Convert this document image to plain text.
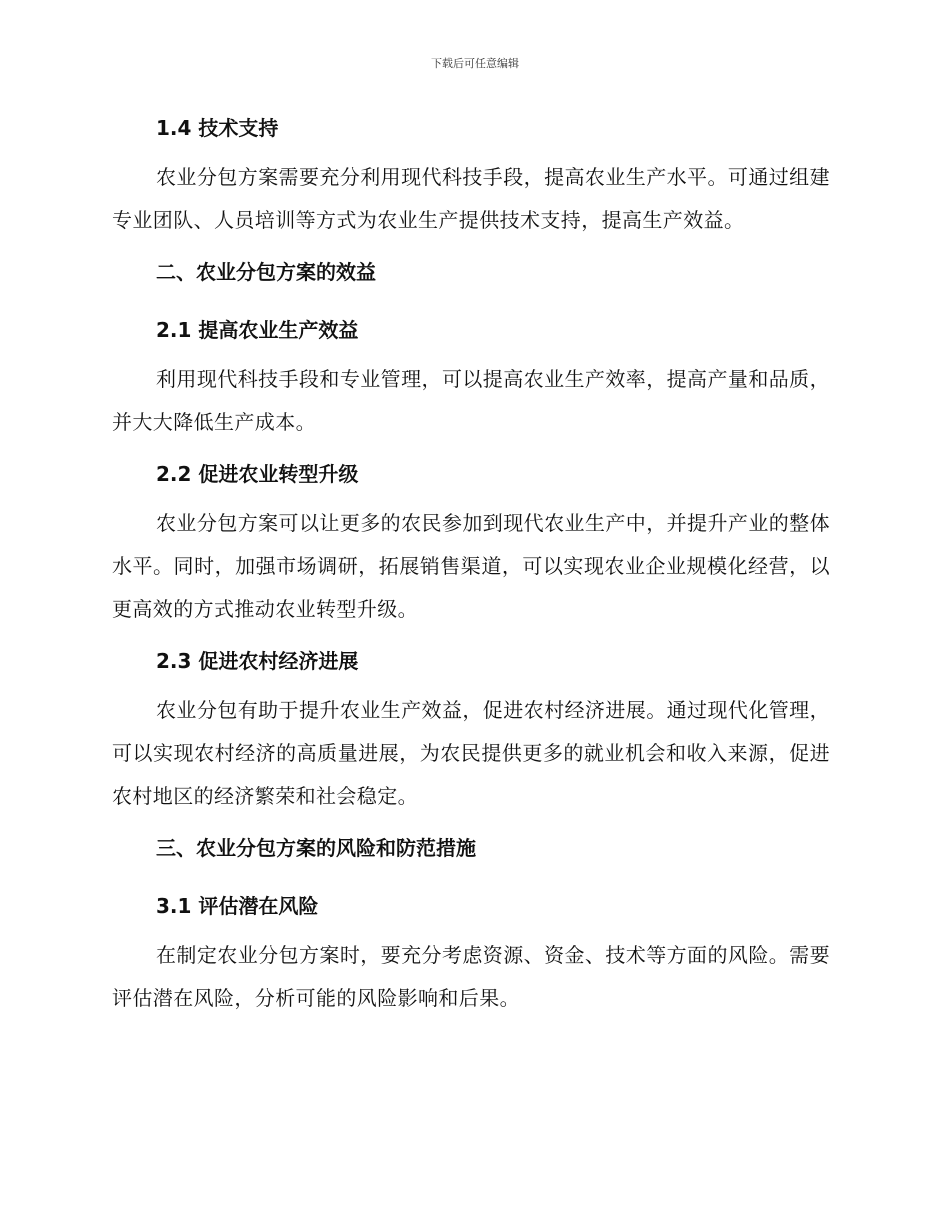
下载后可任意编辑
1.4 技术支持

农业分包方案需要充分利用现代科技手段，提高农业生产水平。可通过组建专业团队、人员培训等方式为农业生产提供技术支持，提高生产效益。

二、农业分包方案的效益
2.1 提高农业生产效益

利用现代科技手段和专业管理，可以提高农业生产效率，提高产量和品质，并大大降低生产成本。

2.2 促进农业转型升级

农业分包方案可以让更多的农民参加到现代农业生产中，并提升产业的整体水平。同时，加强市场调研，拓展销售渠道，可以实现农业企业规模化经营，以更高效的方式推动农业转型升级。

2.3 促进农村经济进展

农业分包有助于提升农业生产效益，促进农村经济进展。通过现代化管理，可以实现农村经济的高质量进展，为农民提供更多的就业机会和收入来源，促进农村地区的经济繁荣和社会稳定。

三、农业分包方案的风险和防范措施
3.1 评估潜在风险

在制定农业分包方案时，要充分考虑资源、资金、技术等方面的风险。需要评估潜在风险，分析可能的风险影响和后果。
